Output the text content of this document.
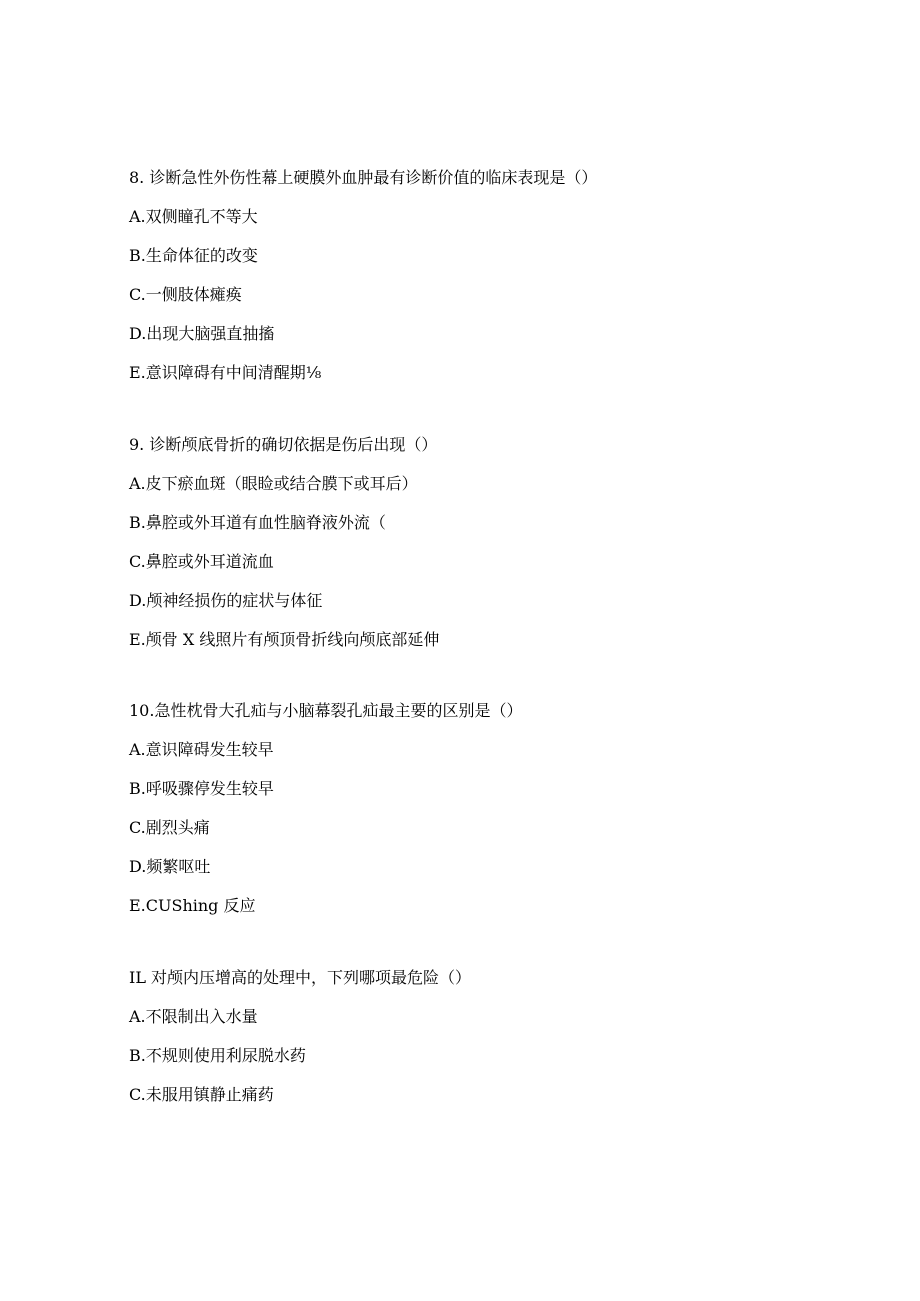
8. 诊断急性外伤性幕上硬膜外血肿最有诊断价值的临床表现是（）
A.双侧瞳孔不等大
B.生命体征的改变
C.一侧肢体瘫痪
D.出现大脑强直抽搐
E.意识障碍有中间清醒期⅛
9. 诊断颅底骨折的确切依据是伤后出现（）
A.皮下瘀血斑（眼睑或结合膜下或耳后）
B.鼻腔或外耳道有血性脑脊液外流（
C.鼻腔或外耳道流血
D.颅神经损伤的症状与体征
E.颅骨 X 线照片有颅顶骨折线向颅底部延伸
10.急性枕骨大孔疝与小脑幕裂孔疝最主要的区别是（）
A.意识障碍发生较早
B.呼吸骤停发生较早
C.剧烈头痛
D.频繁呕吐
E.CUShing 反应
IL 对颅内压增高的处理中，下列哪项最危险（）
A.不限制出入水量
B.不规则使用利尿脱水药
C.未服用镇静止痛药
